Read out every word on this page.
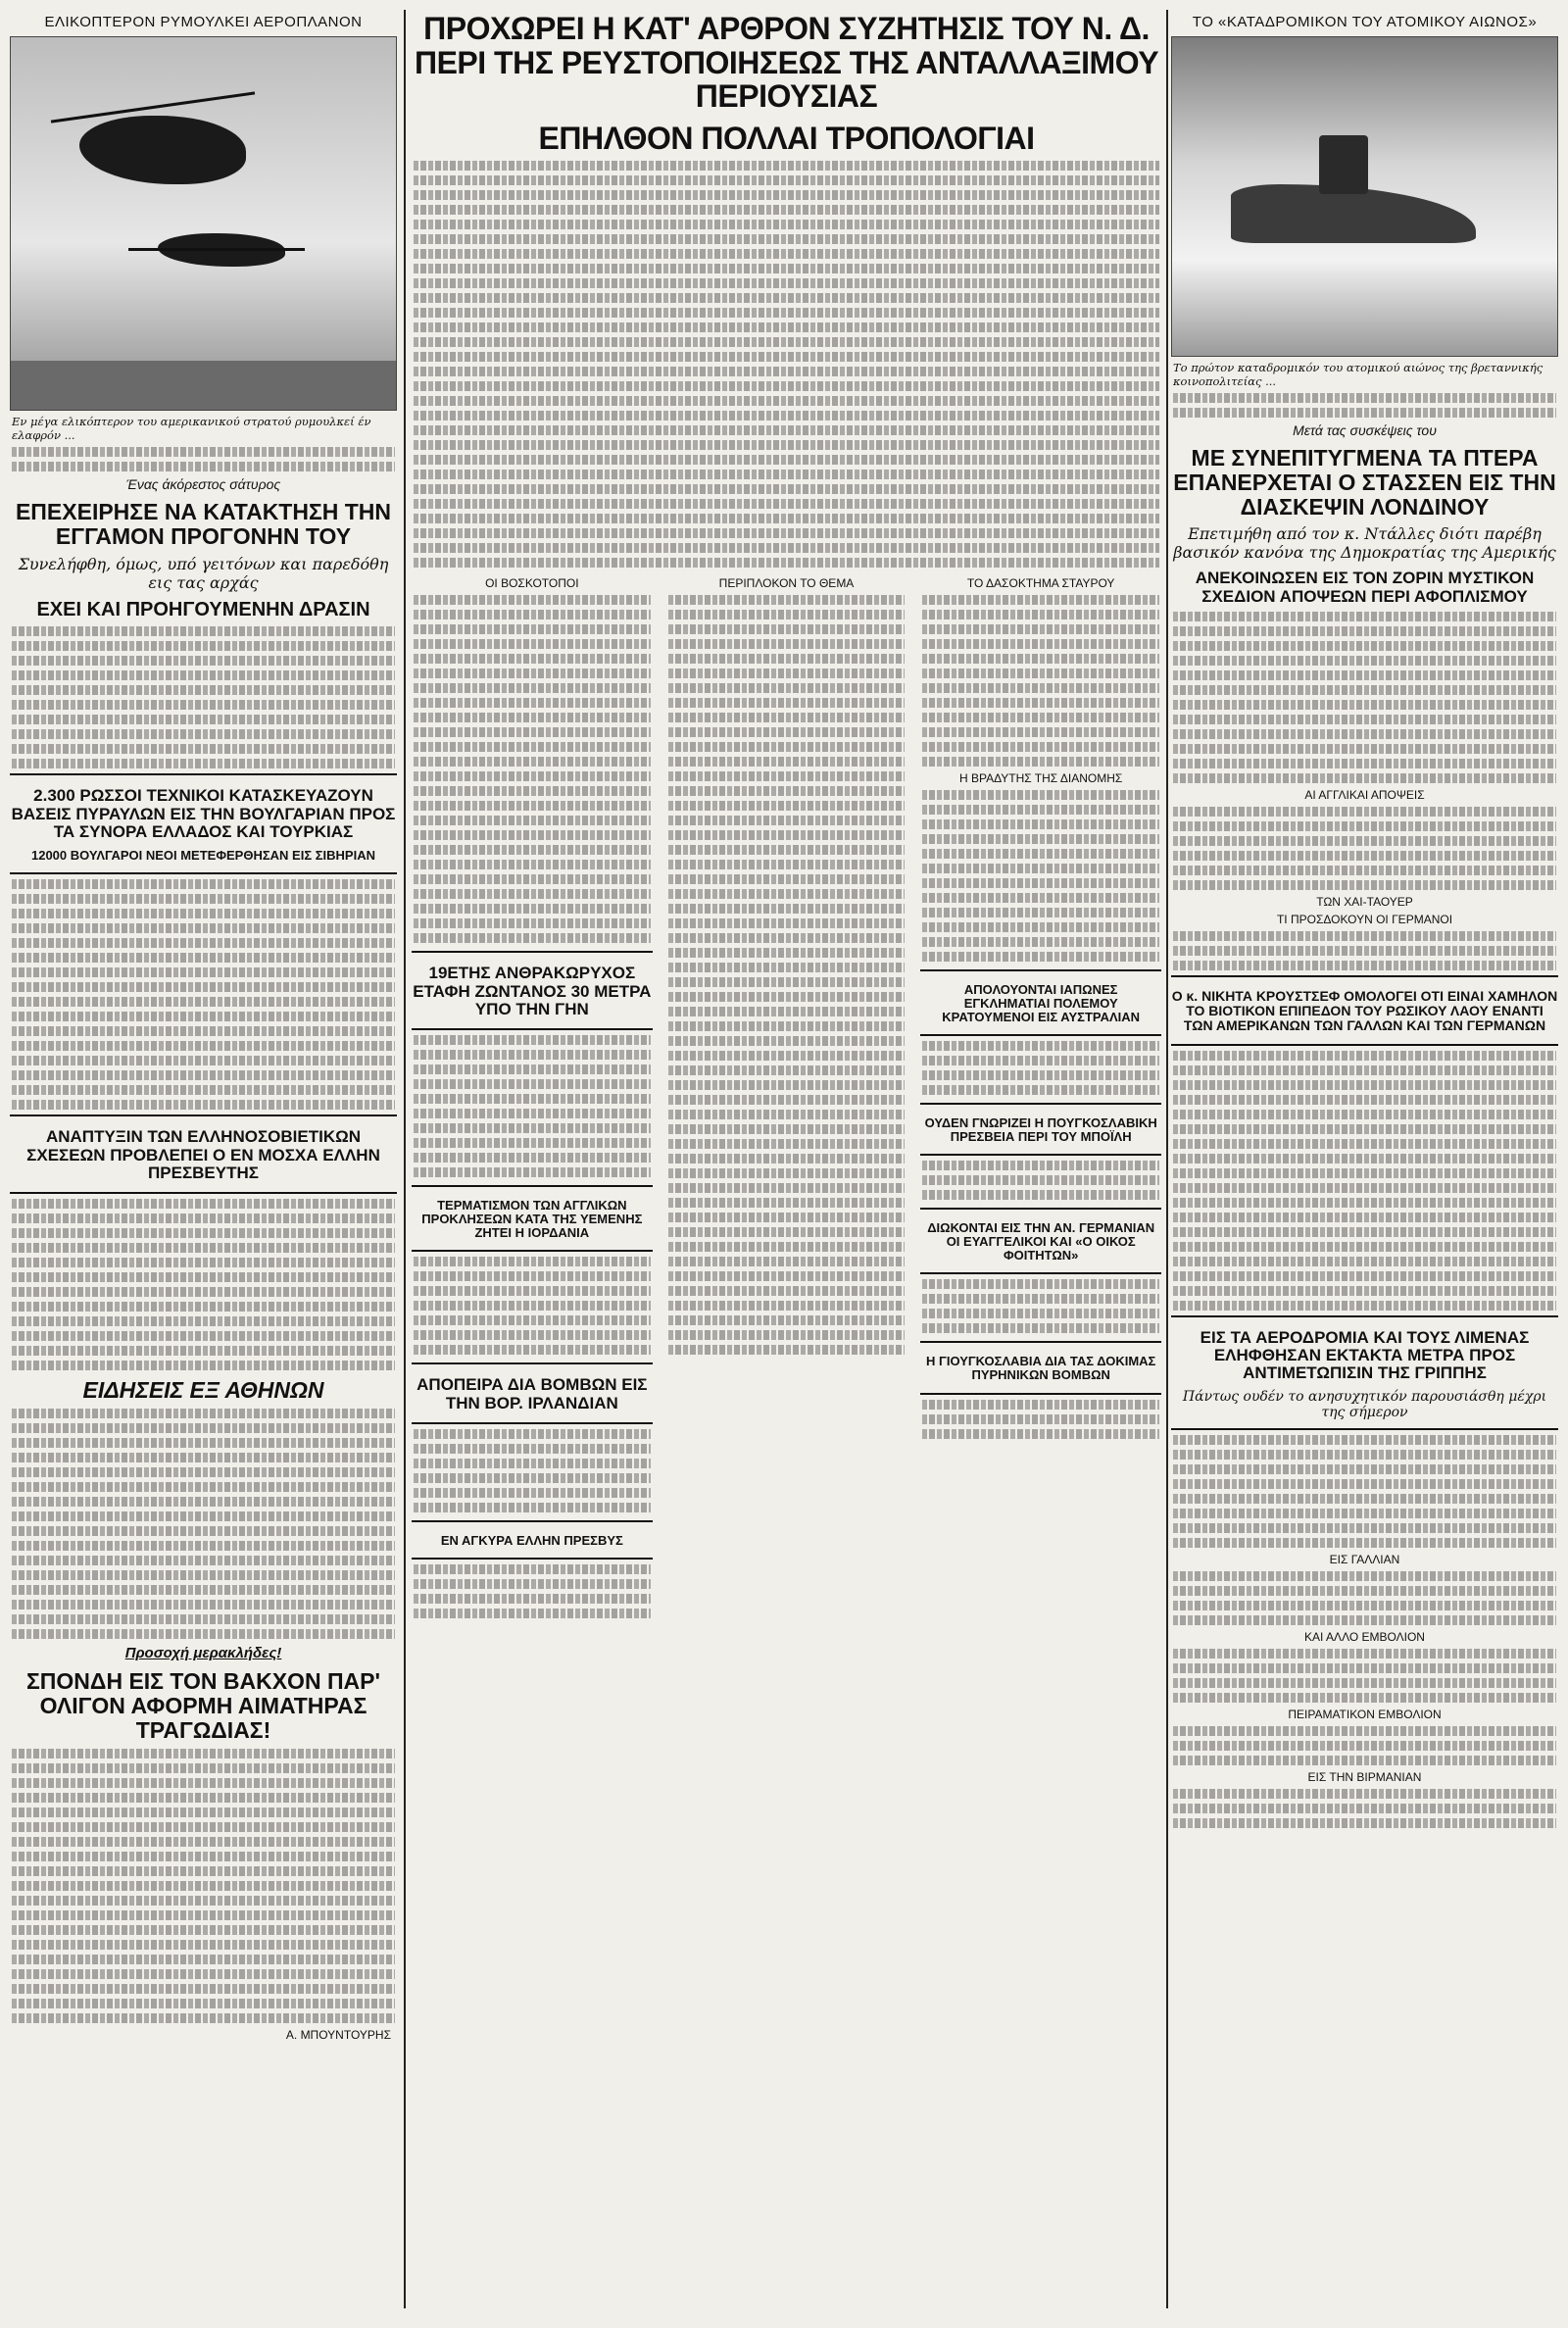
ΕΛΙΚΟΠΤΕΡΟΝ ΡΥΜΟΥΛΚΕΙ ΑΕΡΟΠΛΑΝΟΝ
Εν μέγα ελικόπτερον του αμερικανικού στρατού ρυμουλκεί έν ελαφρόν ...
Ένας άκόρεστος σάτυρος
ΕΠΕΧΕΙΡΗΣΕ ΝΑ ΚΑΤΑΚΤΗΣΗ ΤΗΝ ΕΓΓΑΜΟΝ ΠΡΟΓΟΝΗΝ ΤΟΥ
Συνελήφθη, όμως, υπό γειτόνων και παρεδόθη εις τας αρχάς
ΕΧΕΙ ΚΑΙ ΠΡΟΗΓΟΥΜΕΝΗΝ ΔΡΑΣΙΝ
2.300 ΡΩΣΣΟΙ ΤΕΧΝΙΚΟΙ ΚΑΤΑΣΚΕΥΑΖΟΥΝ ΒΑΣΕΙΣ ΠΥΡΑΥΛΩΝ ΕΙΣ ΤΗΝ ΒΟΥΛΓΑΡΙΑΝ ΠΡΟΣ ΤΑ ΣΥΝΟΡΑ ΕΛΛΑΔΟΣ ΚΑΙ ΤΟΥΡΚΙΑΣ
12000 ΒΟΥΛΓΑΡΟΙ ΝΕΟΙ ΜΕΤΕΦΕΡΘΗΣΑΝ ΕΙΣ ΣΙΒΗΡΙΑΝ
ΑΝΑΠΤΥΞΙΝ ΤΩΝ ΕΛΛΗΝΟΣΟΒΙΕΤΙΚΩΝ ΣΧΕΣΕΩΝ ΠΡΟΒΛΕΠΕΙ Ο ΕΝ ΜΟΣΧΑ ΕΛΛΗΝ ΠΡΕΣΒΕΥΤΗΣ
ΕΙΔΗΣΕΙΣ ΕΞ ΑΘΗΝΩΝ
Προσοχή μερακλήδες!
ΣΠΟΝΔΗ ΕΙΣ ΤΟΝ ΒΑΚΧΟΝ ΠΑΡ' ΟΛΙΓΟΝ ΑΦΟΡΜΗ ΑΙΜΑΤΗΡΑΣ ΤΡΑΓΩΔΙΑΣ!
Α. ΜΠΟΥΝΤΟΥΡΗΣ
ΠΡΟΧΩΡΕΙ Η ΚΑΤ' ΑΡΘΡΟΝ ΣΥΖΗΤΗΣΙΣ ΤΟΥ Ν. Δ. ΠΕΡΙ ΤΗΣ ΡΕΥΣΤΟΠΟΙΗΣΕΩΣ ΤΗΣ ΑΝΤΑΛΛΑΞΙΜΟΥ ΠΕΡΙΟΥΣΙΑΣ
ΕΠΗΛΘΟΝ ΠΟΛΛΑΙ ΤΡΟΠΟΛΟΓΙΑΙ
ΟΙ ΒΟΣΚΟΤΟΠΟΙ
19ΕΤΗΣ ΑΝΘΡΑΚΩΡΥΧΟΣ ΕΤΑΦΗ ΖΩΝΤΑΝΟΣ 30 ΜΕΤΡΑ ΥΠΟ ΤΗΝ ΓΗΝ
ΤΕΡΜΑΤΙΣΜΟΝ ΤΩΝ ΑΓΓΛΙΚΩΝ ΠΡΟΚΛΗΣΕΩΝ ΚΑΤΑ ΤΗΣ ΥΕΜΕΝΗΣ ΖΗΤΕΙ Η ΙΟΡΔΑΝΙΑ
ΑΠΟΠΕΙΡΑ ΔΙΑ ΒΟΜΒΩΝ ΕΙΣ ΤΗΝ ΒΟΡ. ΙΡΛΑΝΔΙΑΝ
ΕΝ ΑΓΚΥΡΑ ΕΛΛΗΝ ΠΡΕΣΒΥΣ
ΠΕΡΙΠΛΟΚΟΝ ΤΟ ΘΕΜΑ	ΤΟ ΔΑΣΟΚΤΗΜΑ ΣΤΑΥΡΟΥ
Η ΒΡΑΔΥΤΗΣ ΤΗΣ ΔΙΑΝΟΜΗΣ
ΑΠΟΛΟΥΟΝΤΑΙ ΙΑΠΩΝΕΣ ΕΓΚΛΗΜΑΤΙΑΙ ΠΟΛΕΜΟΥ ΚΡΑΤΟΥΜΕΝΟΙ ΕΙΣ ΑΥΣΤΡΑΛΙΑΝ
ΟΥΔΕΝ ΓΝΩΡΙΖΕΙ Η ΠΟΥΓΚΟΣΛΑΒΙΚΗ ΠΡΕΣΒΕΙΑ ΠΕΡΙ ΤΟΥ ΜΠΟΪΛΗ
ΔΙΩΚΟΝΤΑΙ ΕΙΣ ΤΗΝ ΑΝ. ΓΕΡΜΑΝΙΑΝ ΟΙ ΕΥΑΓΓΕΛΙΚΟΙ ΚΑΙ «Ο ΟΙΚΟΣ ΦΟΙΤΗΤΩΝ»
Η ΓΙΟΥΓΚΟΣΛΑΒΙΑ ΔΙΑ ΤΑΣ ΔΟΚΙΜΑΣ ΠΥΡΗΝΙΚΩΝ ΒΟΜΒΩΝ
ΤΟ «ΚΑΤΑΔΡΟΜΙΚΟΝ ΤΟΥ ΑΤΟΜΙΚΟΥ ΑΙΩΝΟΣ»
Το πρώτον καταδρομικόν του ατομικού αιώνος της βρεταννικής κοινοπολιτείας ...
Μετά τας συσκέψεις του
ΜΕ ΣΥΝΕΠΙΤΥΓΜΕΝΑ ΤΑ ΠΤΕΡΑ ΕΠΑΝΕΡΧΕΤΑΙ Ο ΣΤΑΣΣΕΝ ΕΙΣ ΤΗΝ ΔΙΑΣΚΕΨΙΝ ΛΟΝΔΙΝΟΥ
Επετιμήθη από τον κ. Ντάλλες διότι παρέβη βασικόν κανόνα της Δημοκρατίας της Αμερικής
ΑΝΕΚΟΙΝΩΣΕΝ ΕΙΣ ΤΟΝ ΖΟΡΙΝ ΜΥΣΤΙΚΟΝ ΣΧΕΔΙΟΝ ΑΠΟΨΕΩΝ ΠΕΡΙ ΑΦΟΠΛΙΣΜΟΥ
ΑΙ ΑΓΓΛΙΚΑΙ ΑΠΟΨΕΙΣ
ΤΩΝ ΧΑΙ-ΤΑΟΥΕΡ
ΤΙ ΠΡΟΣΔΟΚΟΥΝ ΟΙ ΓΕΡΜΑΝΟΙ
Ο κ. ΝΙΚΗΤΑ ΚΡΟΥΣΤΣΕΦ ΟΜΟΛΟΓΕΙ ΟΤΙ ΕΙΝΑΙ ΧΑΜΗΛΟΝ ΤΟ ΒΙΟΤΙΚΟΝ ΕΠΙΠΕΔΟΝ ΤΟΥ ΡΩΣΙΚΟΥ ΛΑΟΥ ΕΝΑΝΤΙ ΤΩΝ ΑΜΕΡΙΚΑΝΩΝ ΤΩΝ ΓΑΛΛΩΝ ΚΑΙ ΤΩΝ ΓΕΡΜΑΝΩΝ
ΕΙΣ ΤΑ ΑΕΡΟΔΡΟΜΙΑ ΚΑΙ ΤΟΥΣ ΛΙΜΕΝΑΣ ΕΛΗΦΘΗΣΑΝ ΕΚΤΑΚΤΑ ΜΕΤΡΑ ΠΡΟΣ ΑΝΤΙΜΕΤΩΠΙΣΙΝ ΤΗΣ ΓΡΙΠΠΗΣ
Πάντως ουδέν το ανησυχητικόν παρουσιάσθη μέχρι της σήμερον
ΕΙΣ ΓΑΛΛΙΑΝ
ΚΑΙ ΑΛΛΟ ΕΜΒΟΛΙΟΝ
ΠΕΙΡΑΜΑΤΙΚΟΝ ΕΜΒΟΛΙΟΝ
ΕΙΣ ΤΗΝ ΒΙΡΜΑΝΙΑΝ
